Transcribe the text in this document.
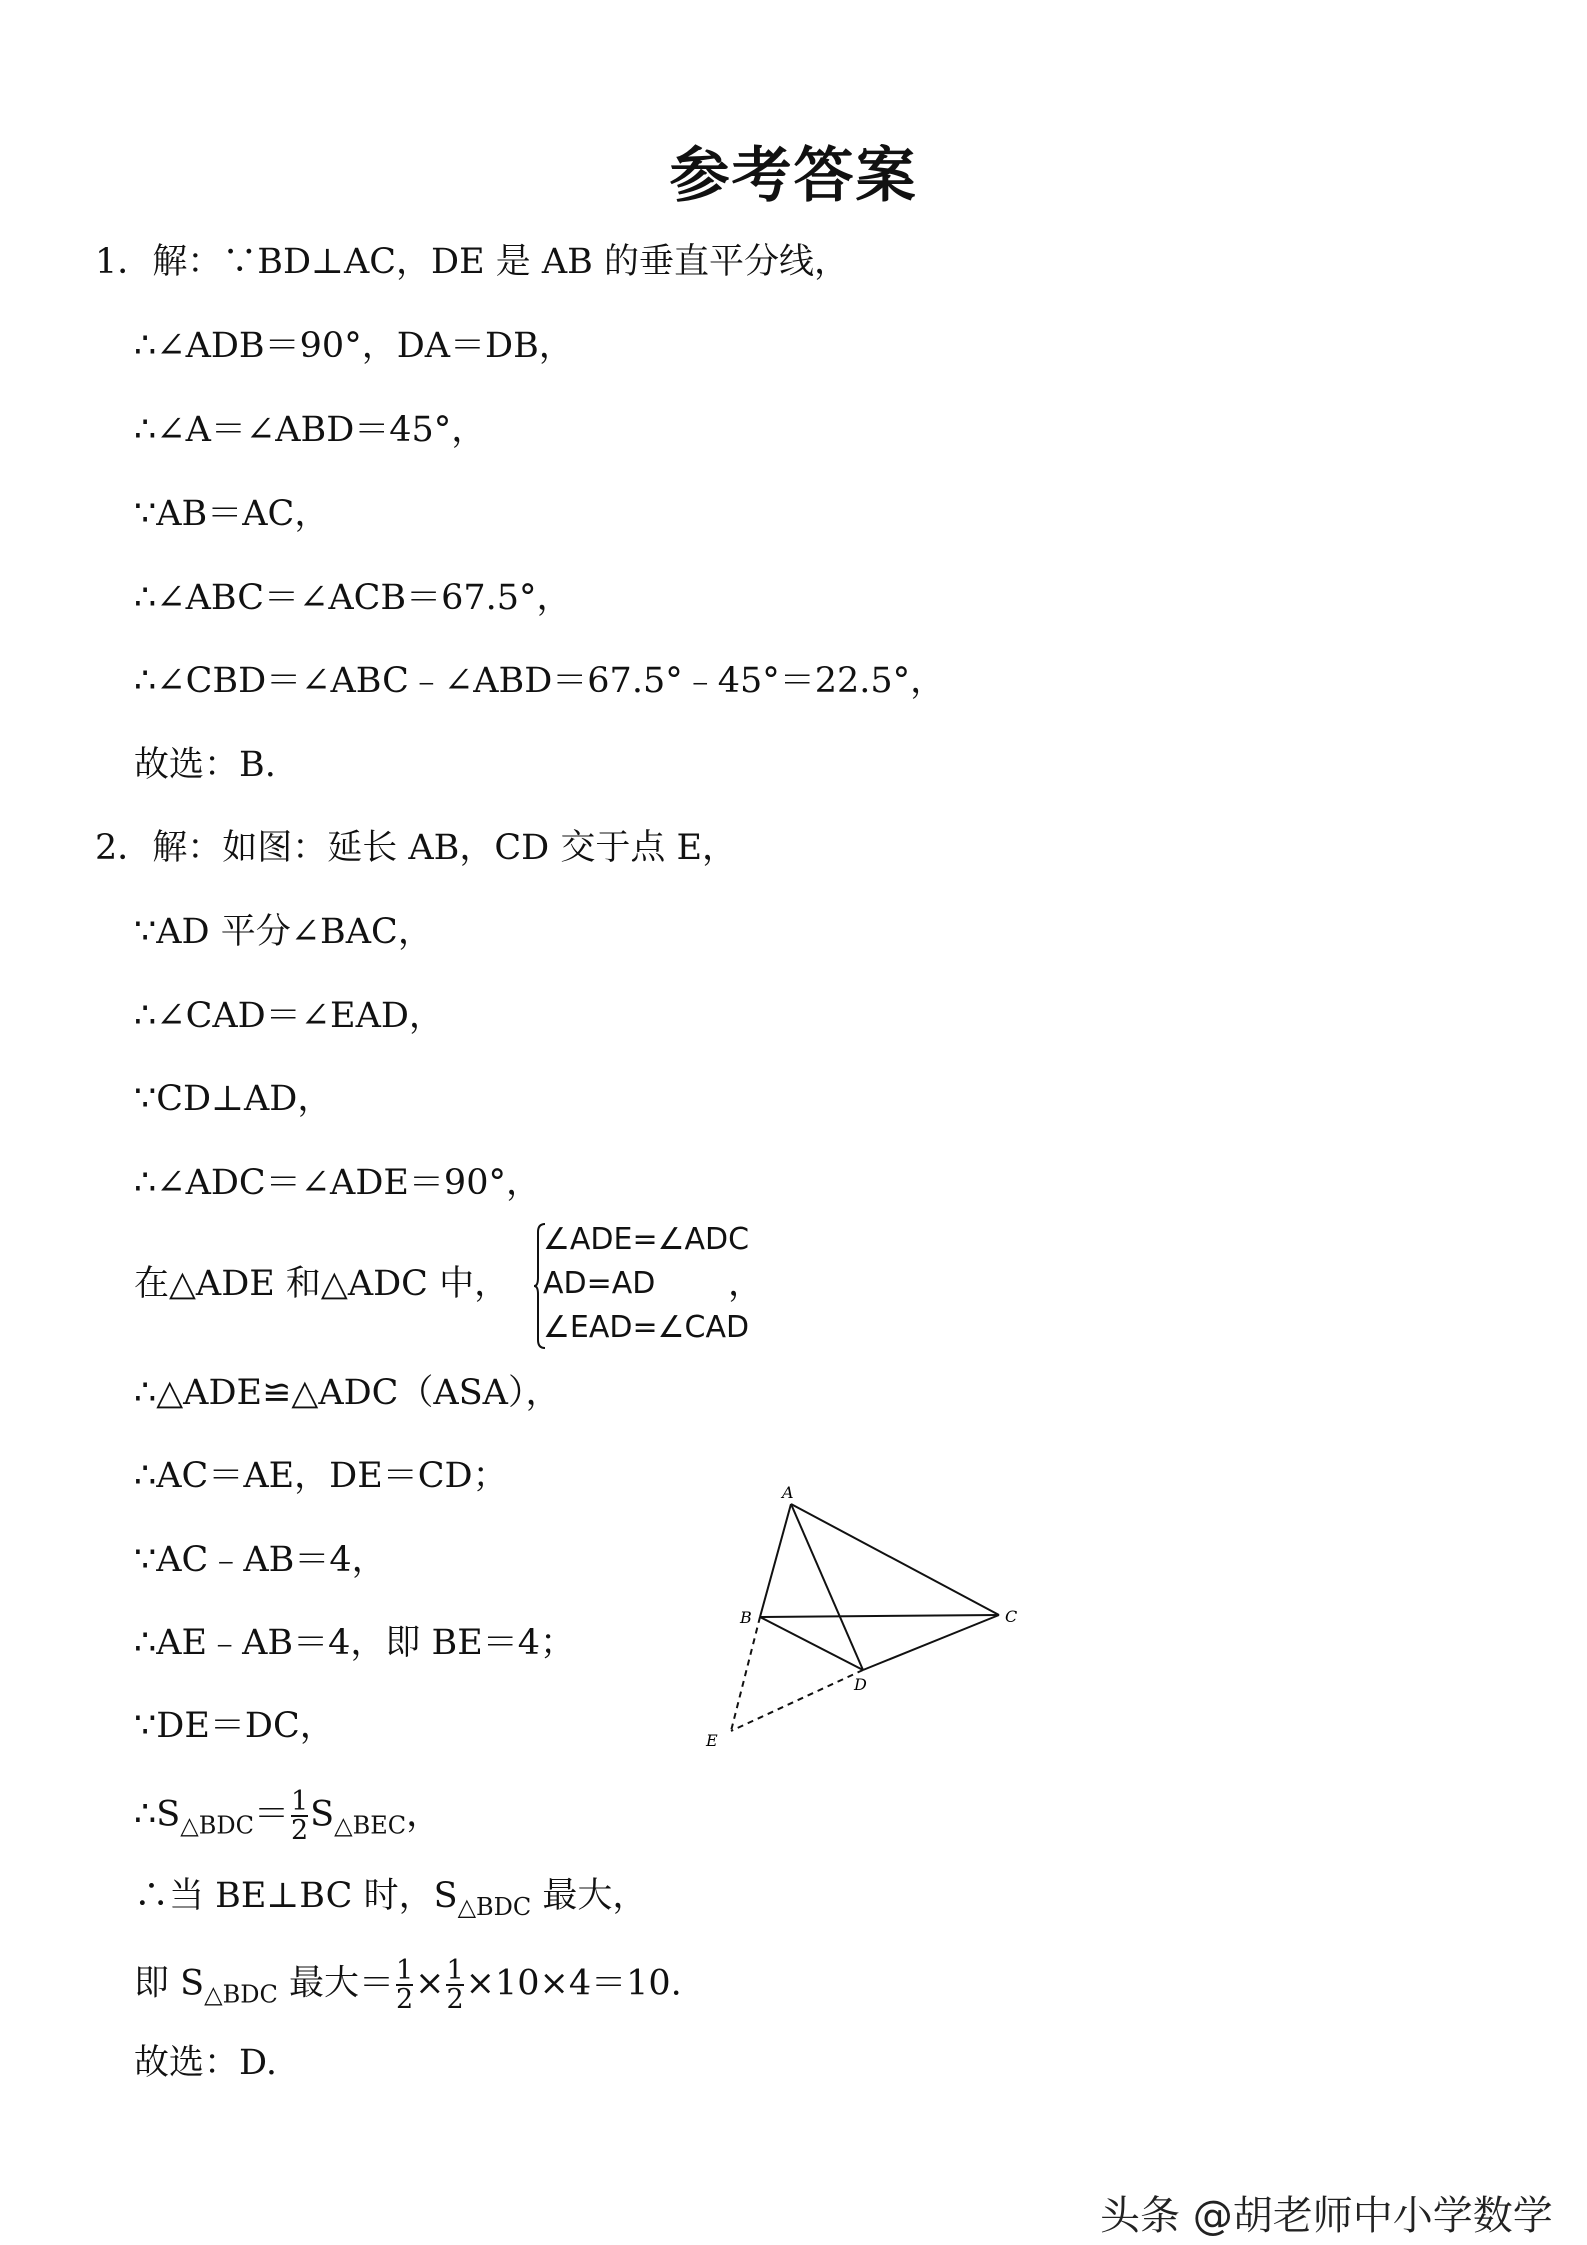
参考答案
1．解：∵BD⊥AC，DE 是 AB 的垂直平分线，
∴∠ADB＝90°，DA＝DB，
∴∠A＝∠ABD＝45°，
∵AB＝AC，
∴∠ABC＝∠ACB＝67.5°，
∴∠CBD＝∠ABC﹣∠ABD＝67.5°﹣45°＝22.5°，
故选：B.
2．解：如图：延长 AB，CD 交于点 E，
∵AD 平分∠BAC，
∴∠CAD＝∠EAD，
∵CD⊥AD，
∴∠ADC＝∠ADE＝90°，
在△ADE 和△ADC 中，
∠ADE=∠ADC
AD=AD
∠EAD=∠CAD
，
∴△ADE≌△ADC（ASA），
∴AC＝AE，DE＝CD；
∵AC﹣AB＝4，
∴AE﹣AB＝4，即 BE＝4；
∵DE＝DC，
$\therefore S_{\triangle BDC}= \frac{1}{2} S_{\triangle BEC}$，
∴当 BE⊥BC 时，$S_{\triangle BDC}$ 最大，
即 $S_{\triangle BDC}$ 最大＝ $\frac{1}{2} \times \frac{1}{2} \times 10\times 4=10$.
故选：D.
A
B	C
D
E
头条 @胡老师中小学数学
